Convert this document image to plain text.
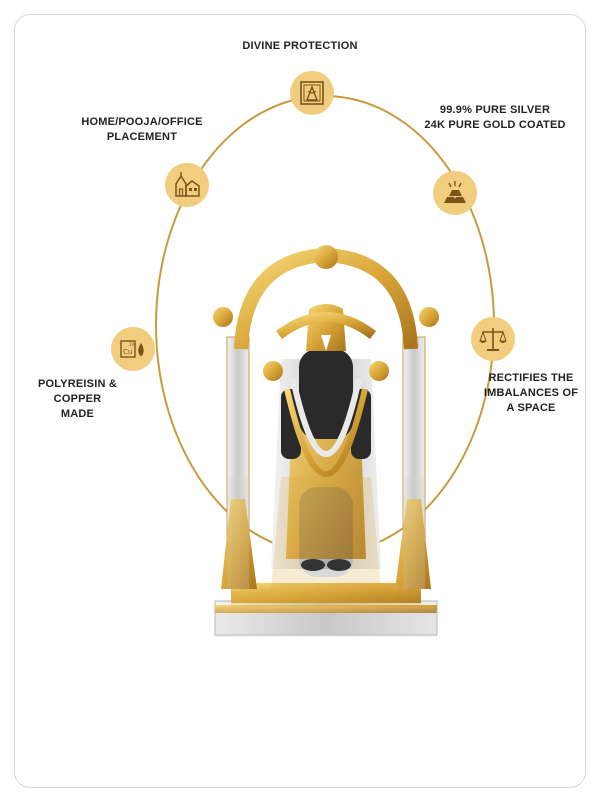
DIVINE PROTECTION
HOME/POOJA/OFFICE
PLACEMENT
99.9% PURE SILVER
24K PURE GOLD COATED
Cu
29
POLYREISIN & COPPER
MADE
RECTIFIES THE
IMBALANCES OF
A SPACE
